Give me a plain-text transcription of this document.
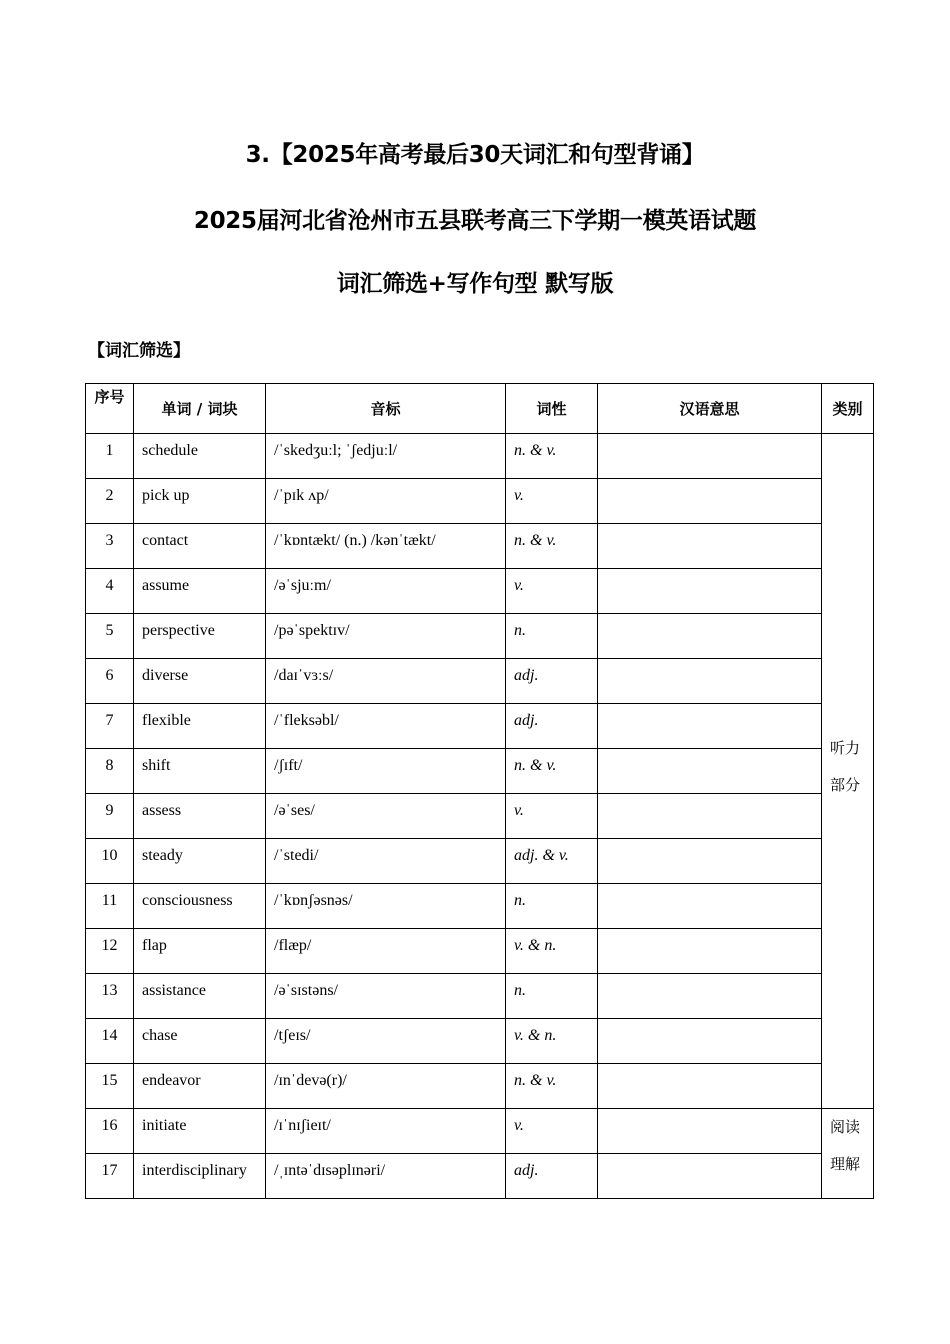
3.【2025年高考最后30天词汇和句型背诵】
2025届河北省沧州市五县联考高三下学期一模英语试题
词汇筛选+写作句型 默写版
【词汇筛选】
序号	单词 / 词块	音标	词性	汉语意思	类别

1	schedule	/ˈskedʒuːl; ˈʃedjuːl/	n. & v.		听力
部分

2	pick up	/ˈpɪk ʌp/	v.		

3	contact	/ˈkɒntækt/ (n.) /kənˈtækt/	n. & v.		

4	assume	/əˈsjuːm/	v.		

5	perspective	/pəˈspektɪv/	n.		

6	diverse	/daɪˈvɜːs/	adj.		

7	flexible	/ˈfleksəbl/	adj.		

8	shift	/ʃɪft/	n. & v.		

9	assess	/əˈses/	v.		

10	steady	/ˈstedi/	adj. & v.		

11	consciousness	/ˈkɒnʃəsnəs/	n.		

12	flap	/flæp/	v. & n.		

13	assistance	/əˈsɪstəns/	n.		

14	chase	/tʃeɪs/	v. & n.		

15	endeavor	/ɪnˈdevə(r)/	n. & v.		

16	initiate	/ɪˈnɪʃieɪt/	v.		阅读
理解

17	interdisciplinary	/ˌɪntəˈdɪsəplɪnəri/	adj.		
